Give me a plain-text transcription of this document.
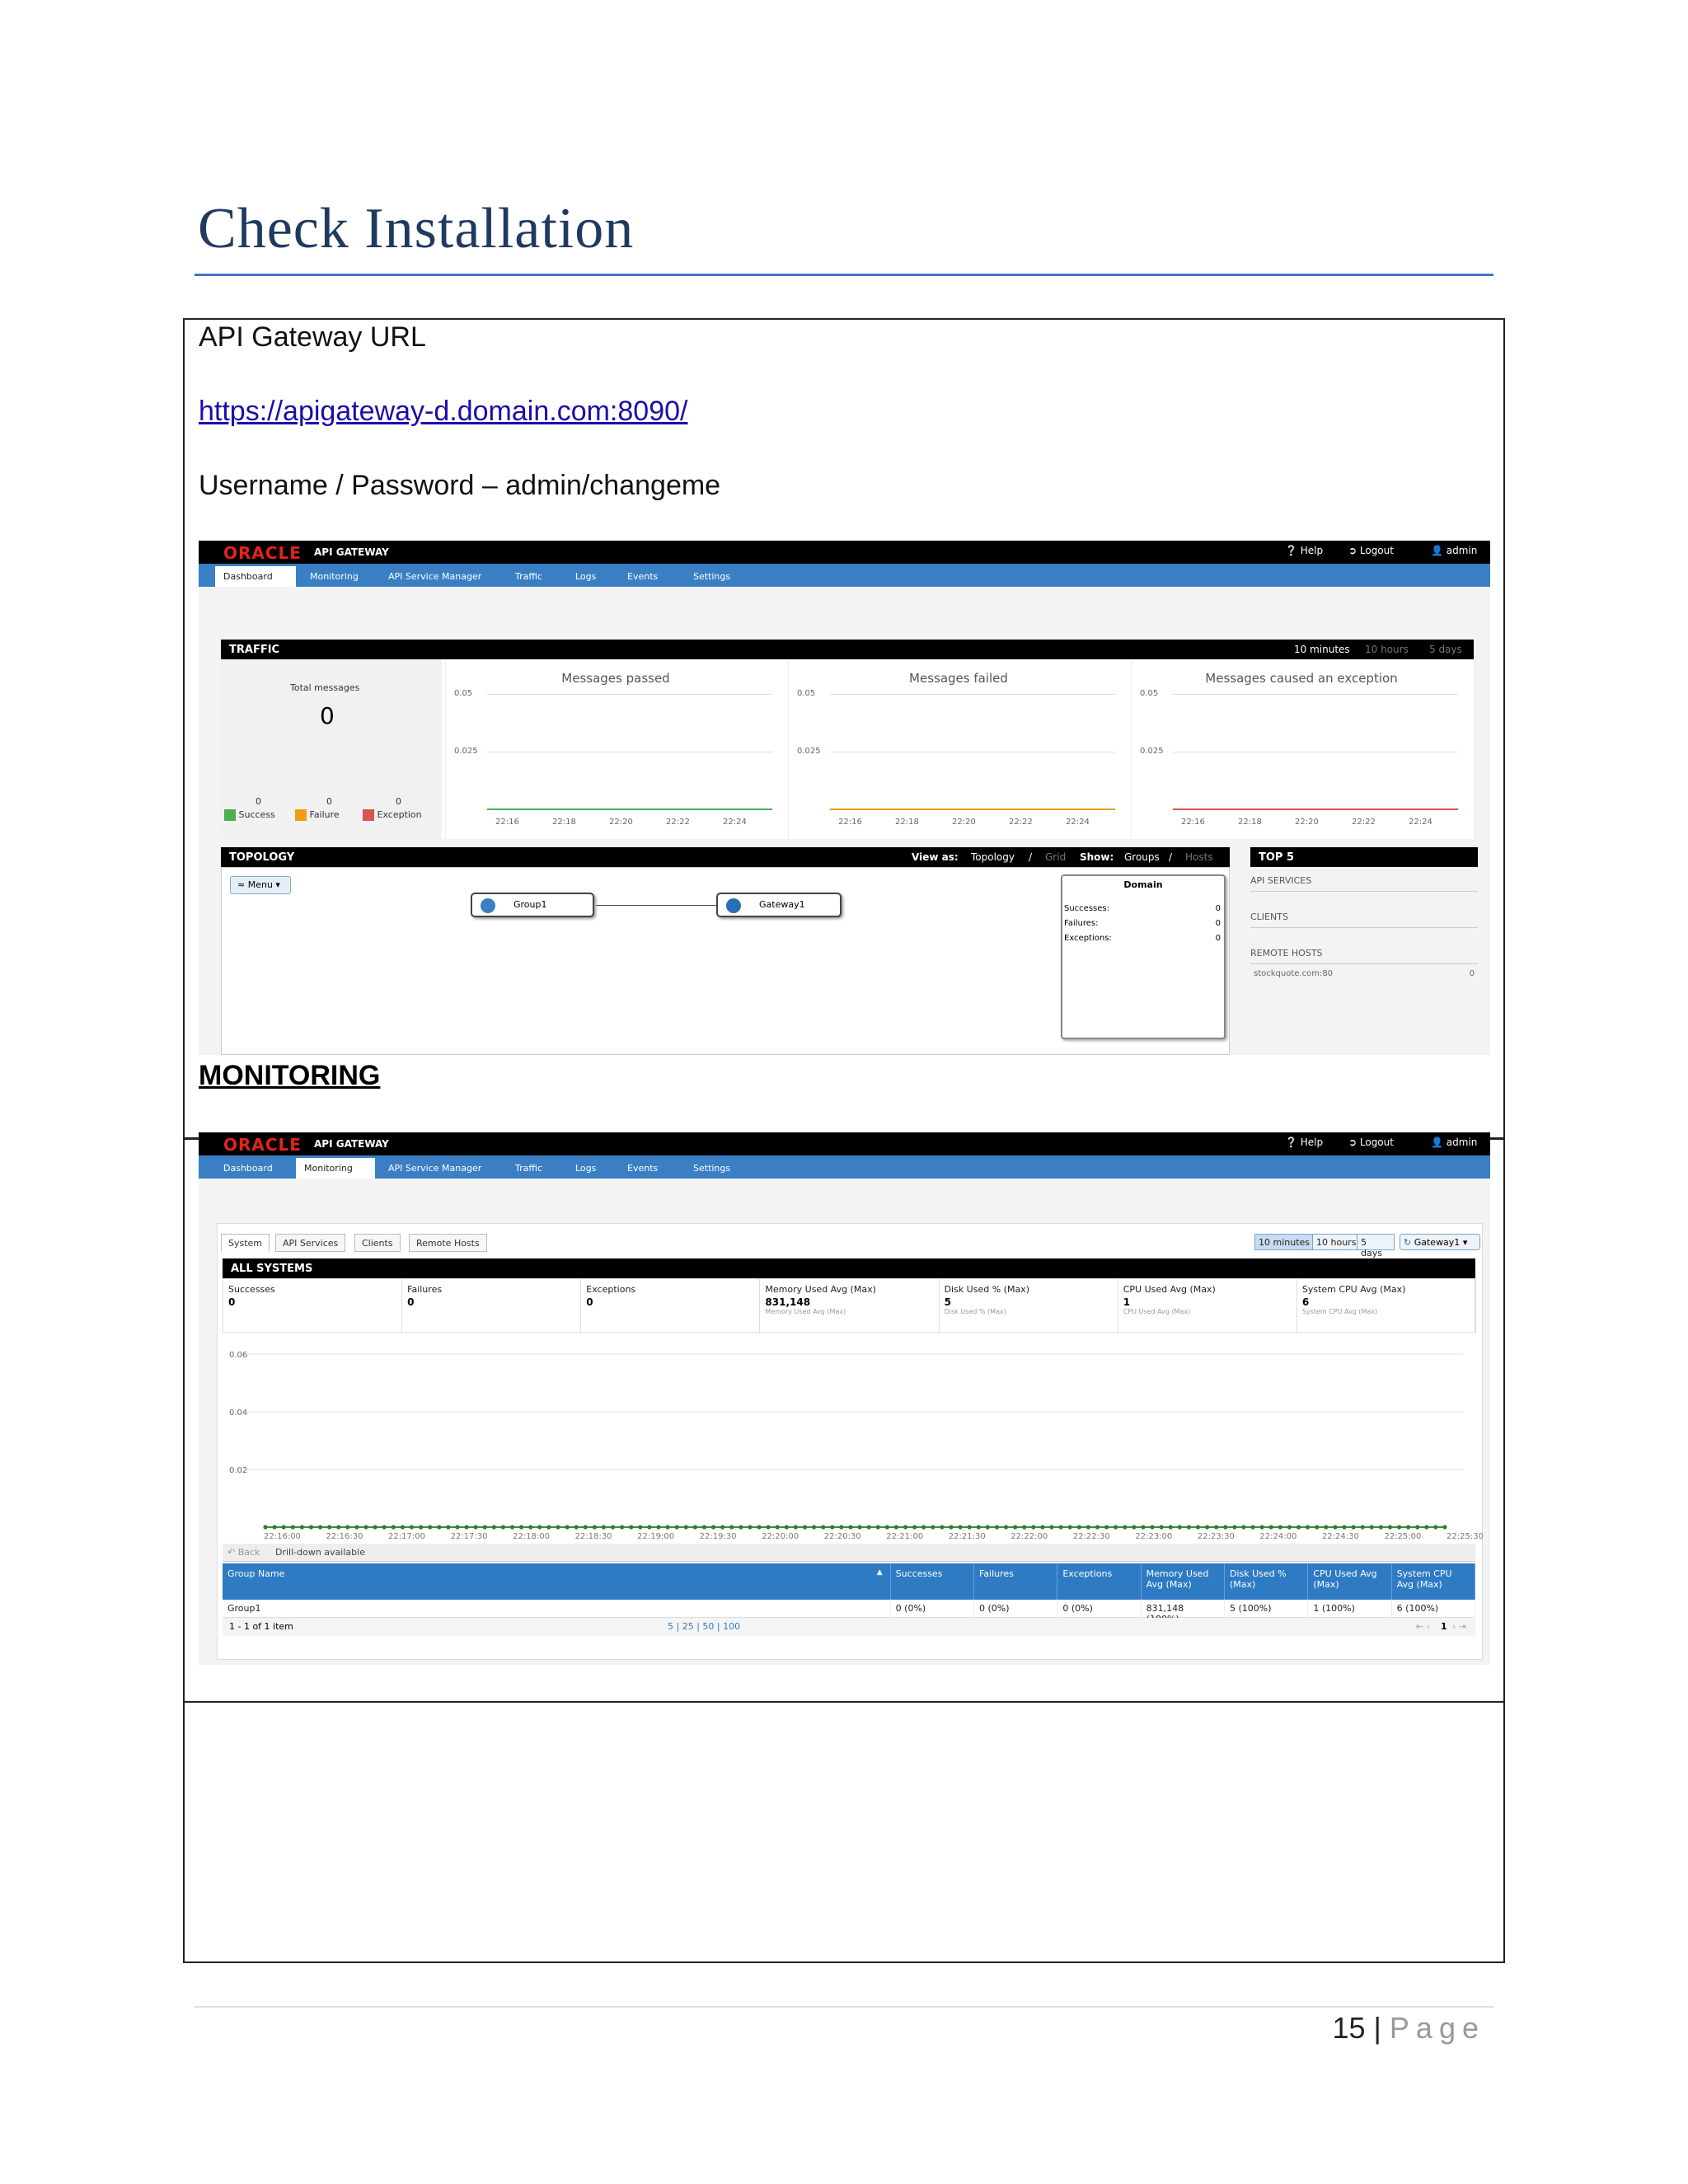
Check Installation
API Gateway URL
https://apigateway-d.domain.com:8090/
Username / Password – admin/changeme
ORACLE API GATEWAY	❔ Help	➲ Logout	👤 admin
Dashboard	Monitoring	API Service Manager	Traffic	Logs	Events	Settings
TRAFFIC	10 minutes 10 hours 5 days
Total messages
0
0	0	0
Success	Failure	Exception
Messages passed
0.05
0.025
22:16	22:18	22:20	22:22	22:24
Messages failed
0.05
0.025
22:16	22:18	22:20	22:22	22:24
Messages caused an exception
0.05
0.025
22:16	22:18	22:20	22:22	22:24
TOPOLOGY	View as: Topology / Grid Show: Groups / Hosts
≈ Menu ▾
Group1	Gateway1
Domain
Successes:	0
Failures:	0
Exceptions:	0
TOP 5
API SERVICES
CLIENTS
REMOTE HOSTS
stockquote.com:80	0
MONITORING
ORACLE API GATEWAY	❔ Help	➲ Logout	👤 admin
Dashboard	Monitoring	API Service Manager	Traffic	Logs	Events	Settings
System	API Services	Clients	Remote Hosts	10 minutes 10 hours 5 days
↻ Gateway1 ▾
ALL SYSTEMS
Successes
0
Failures
0
Exceptions
0
Memory Used Avg (Max)
831,148
Memory Used Avg (Max)
Disk Used % (Max)
5
Disk Used % (Max)
CPU Used Avg (Max)
1
CPU Used Avg (Max)
System CPU Avg (Max)
6
System CPU Avg (Max)
0.06
0.04
0.02
22:16:00	22:16:30	22:17:00	22:17:30	22:18:00	22:18:30	22:19:00	22:19:30	22:20:00	22:20:30	22:21:00	22:21:30	22:22:00	22:22:30	22:23:00	22:23:30	22:24:00	22:24:30	22:25:00	22:25:30
↶ Back Drill-down available
Group Name	Successes	Failures	Exceptions	Memory Used Avg (Max)
Disk Used % (Max)
CPU Used Avg (Max)
System CPU Avg (Max)
▲
Group1	0 (0%)	0 (0%)	0 (0%)	831,148	5 (100%)	1 (100%)	6 (100%)
1 - 1 of 1 item	5 | 25 | 50 | 100	⇤ ‹ 1 › ⇥
15 | Page
